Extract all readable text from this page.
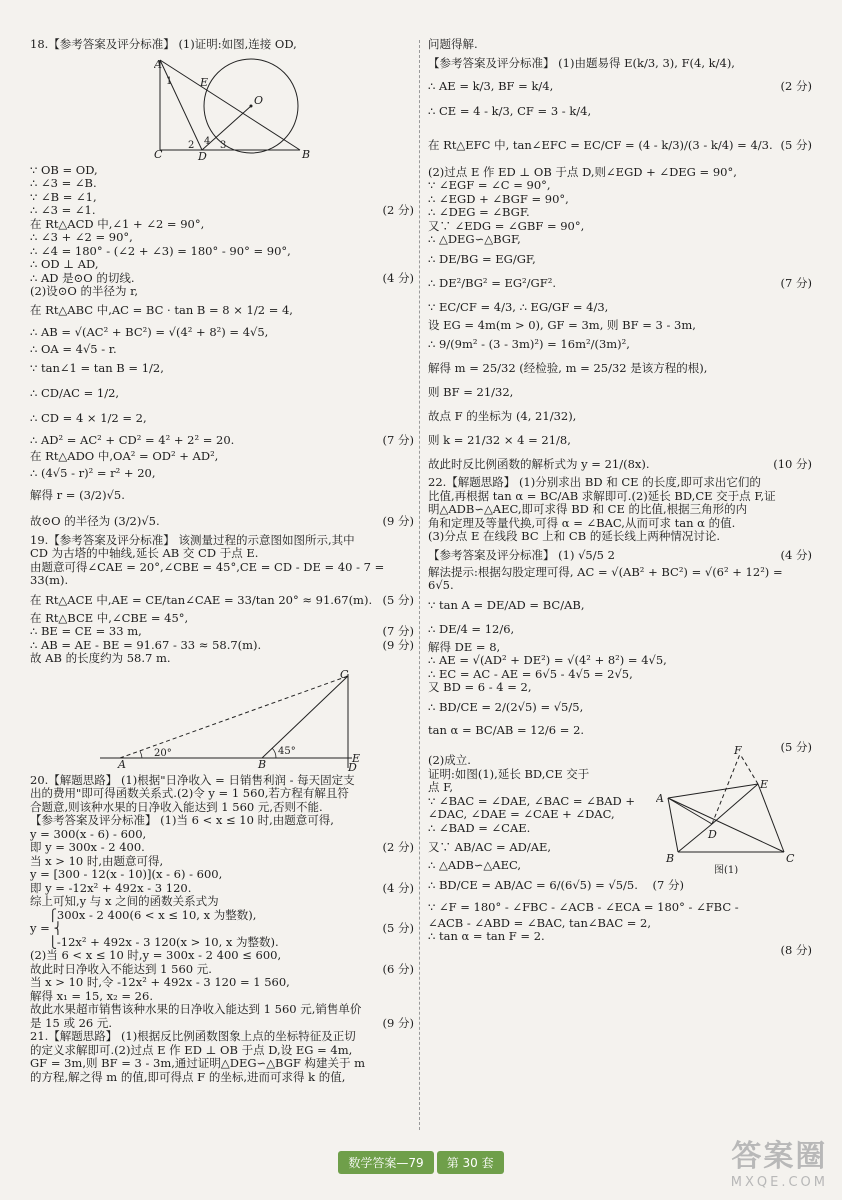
18.【参考答案及评分标准】 (1)证明:如图,连接 OD,

A
E
O
C	D	B
1
2	3
4

∵ OB = OD,

∴ ∠3 = ∠B.

∵ ∠B = ∠1,

∴ ∠3 = ∠1.	(2 分)

在 Rt△ACD 中,∠1 + ∠2 = 90°,

∴ ∠3 + ∠2 = 90°,

∴ ∠4 = 180° - (∠2 + ∠3) = 180° - 90° = 90°,

∴ OD ⊥ AD,

∴ AD 是⊙O 的切线.	(4 分)

(2)设⊙O 的半径为 r,

在 Rt△ABC 中,AC = BC · tan B = 8 × 1/2 = 4,

∴ AB = √(AC² + BC²) = √(4² + 8²) = 4√5,

∴ OA = 4√5 - r.

∵ tan∠1 = tan B = 1/2,

∴ CD/AC = 1/2,

∴ CD = 4 × 1/2 = 2,

∴ AD² = AC² + CD² = 4² + 2² = 20.	(7 分)

在 Rt△ADO 中,OA² = OD² + AD²,

∴ (4√5 - r)² = r² + 20,

解得 r = (3/2)√5.

故⊙O 的半径为 (3/2)√5.	(9 分)

19.【参考答案及评分标准】 该测量过程的示意图如图所示,其中

CD 为古塔的中轴线,延长 AB 交 CD 于点 E.

由题意可得∠CAE = 20°,∠CBE = 45°,CE = CD - DE = 40 - 7 =

33(m).

在 Rt△ACE 中,AE = CE/tan∠CAE = 33/tan 20° ≈ 91.67(m). (5 分)

在 Rt△BCE 中,∠CBE = 45°,

∴ BE = CE = 33 m,	(7 分)
∴ AB = AE - BE = 91.67 - 33 ≈ 58.7(m).	(9 分)

故 AB 的长度约为 58.7 m.

A	B	E
C
D
20°	45°

20.【解题思路】 (1)根据"日净收入 = 日销售利润 - 每天固定支

出的费用"即可得函数关系式.(2)令 y = 1 560,若方程有解且符

合题意,则该种水果的日净收入能达到 1 560 元,否则不能.

【参考答案及评分标准】 (1)当 6 < x ≤ 10 时,由题意可得,

y = 300(x - 6) - 600,

即 y = 300x - 2 400.	(2 分)

当 x > 10 时,由题意可得,

y = [300 - 12(x - 10)](x - 6) - 600,

即 y = -12x² + 492x - 3 120.	(4 分)

综上可知,y 与 x 之间的函数关系式为

⎧300x - 2 400(6 < x ≤ 10, x 为整数),

y = ⎨	(5 分)

⎩-12x² + 492x - 3 120(x > 10, x 为整数).

(2)当 6 < x ≤ 10 时,y = 300x - 2 400 ≤ 600,

故此时日净收入不能达到 1 560 元.	(6 分)

当 x > 10 时,令 -12x² + 492x - 3 120 = 1 560,

解得 x₁ = 15, x₂ = 26.

故此水果超市销售该种水果的日净收入能达到 1 560 元,销售单价

是 15 或 26 元.	(9 分)

21.【解题思路】 (1)根据反比例函数图象上点的坐标特征及正切

的定义求解即可.(2)过点 E 作 ED ⊥ OB 于点 D,设 EG = 4m,

GF = 3m,则 BF = 3 - 3m,通过证明△DEG∽△BGF 构建关于 m

的方程,解之得 m 的值,即可得点 F 的坐标,进而可求得 k 的值,

问题得解.

【参考答案及评分标准】 (1)由题易得 E(k/3, 3), F(4, k/4),

∴ AE = k/3, BF = k/4,	(2 分)

∴ CE = 4 - k/3, CF = 3 - k/4,

在 Rt△EFC 中, tan∠EFC = EC/CF = (4 - k/3)/(3 - k/4) = 4/3. (5 分)

(2)过点 E 作 ED ⊥ OB 于点 D,则∠EGD + ∠DEG = 90°,

∵ ∠EGF = ∠C = 90°,

∴ ∠EGD + ∠BGF = 90°,

∴ ∠DEG = ∠BGF.

又∵ ∠EDG = ∠GBF = 90°,

∴ △DEG∽△BGF,

∴ DE/BG = EG/GF,

∴ DE²/BG² = EG²/GF².	(7 分)

∵ EC/CF = 4/3, ∴ EG/GF = 4/3,

设 EG = 4m(m > 0), GF = 3m, 则 BF = 3 - 3m,

∴ 9/(9m² - (3 - 3m)²) = 16m²/(3m)²,

解得 m = 25/32 (经检验, m = 25/32 是该方程的根),

则 BF = 21/32,

故点 F 的坐标为 (4, 21/32),

则 k = 21/32 × 4 = 21/8,

故此时反比例函数的解析式为 y = 21/(8x).	(10 分)

22.【解题思路】 (1)分别求出 BD 和 CE 的长度,即可求出它们的

比值,再根据 tan α = BC/AB 求解即可.(2)延长 BD,CE 交于点 F,证

明△ADB∽△AEC,即可求得 BD 和 CE 的比值,根据三角形的内

角和定理及等量代换,可得 α = ∠BAC,从而可求 tan α 的值.

(3)分点 E 在线段 BC 上和 CB 的延长线上两种情况讨论.

【参考答案及评分标准】 (1) √5/5 2	(4 分)

解法提示:根据勾股定理可得, AC = √(AB² + BC²) = √(6² + 12²) =

6√5.

∵ tan A = DE/AD = BC/AB,

∴ DE/4 = 12/6,

解得 DE = 8,

∴ AE = √(AD² + DE²) = √(4² + 8²) = 4√5,

∴ EC = AC - AE = 6√5 - 4√5 = 2√5,

又 BD = 6 - 4 = 2,

∴ BD/CE = 2/(2√5) = √5/5,

tan α = BC/AB = 12/6 = 2.

(5 分)

(2)成立.

证明:如图(1),延长 BD,CE 交于

点 F,

∵ ∠BAC = ∠DAE, ∠BAC = ∠BAD +

∠DAC, ∠DAE = ∠CAE + ∠DAC,

∴ ∠BAD = ∠CAE.

又∵ AB/AC = AD/AE,

∴ △ADB∽△AEC,

∴ BD/CE = AB/AC = 6/(6√5) = √5/5.    (7 分)

F
E
A
D
B	C
图(1)

∵ ∠F = 180° - ∠FBC - ∠ACB - ∠ECA = 180° - ∠FBC -

∠ACB - ∠ABD = ∠BAC, tan∠BAC = 2,

∴ tan α = tan F = 2.

(8 分)
数学答案—79	第 30 套	答案圈
MXQE.COM
